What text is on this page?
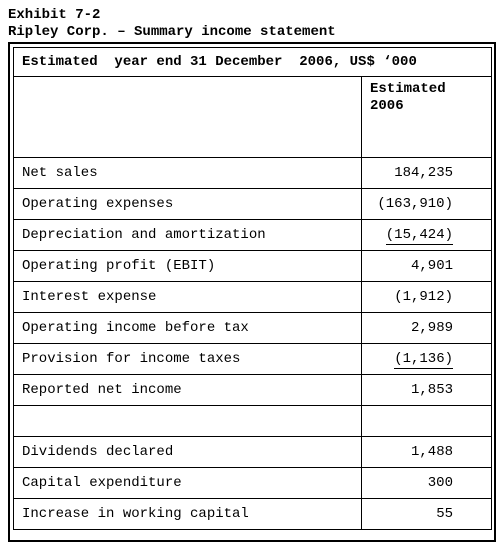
Exhibit 7-2
Ripley Corp. – Summary income statement
Estimated  year end 31 December  2006, US$ ‘000	
	Estimated
2006
Net sales	184,235
Operating expenses	(163,910)
Depreciation and amortization	(15,424)
Operating profit (EBIT)	4,901
Interest expense	(1,912)
Operating income before tax	2,989
Provision for income taxes	(1,136)
Reported net income	1,853

Dividends declared	1,488
Capital expenditure	300
Increase in working capital	55
